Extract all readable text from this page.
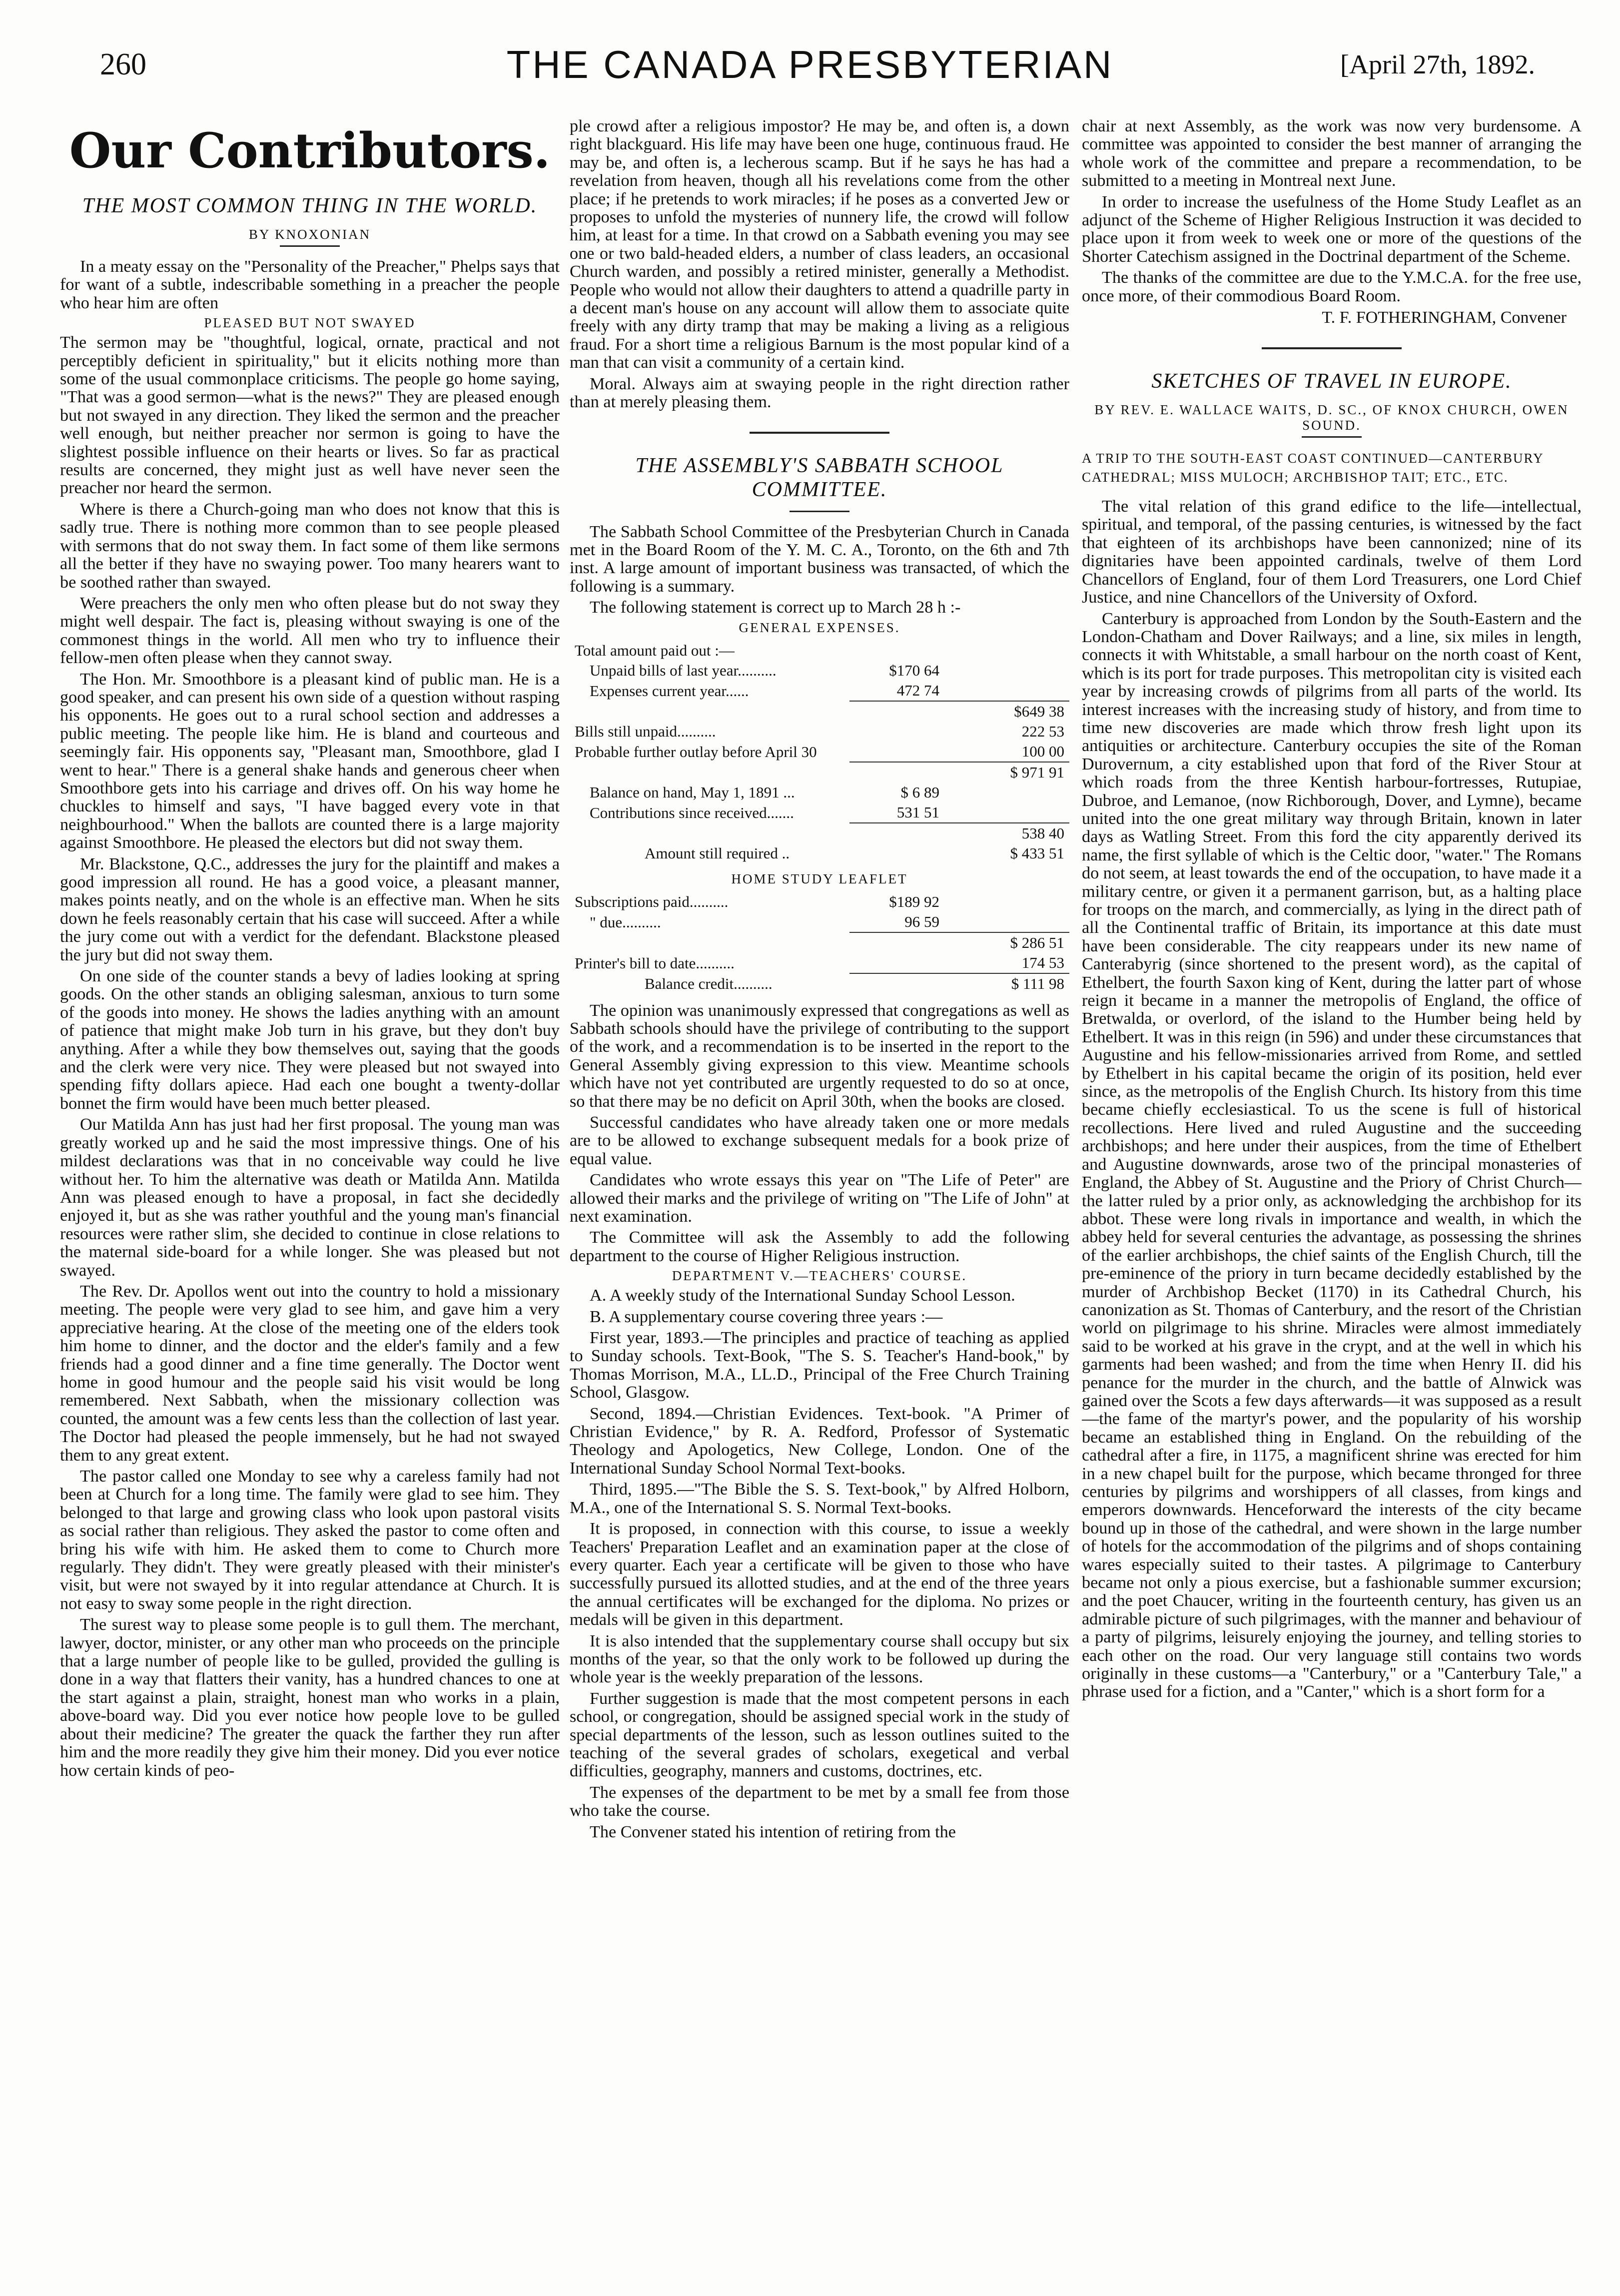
260	THE CANADA PRESBYTERIAN	[April 27th, 1892.
Our Contributors.
THE MOST COMMON THING IN THE WORLD.
BY KNOXONIAN

In a meaty essay on the "Personality of the Preacher," Phelps says that for want of a subtle, indescribable something in a preacher the people who hear him are often

PLEASED BUT NOT SWAYED

The sermon may be "thoughtful, logical, ornate, practical and not perceptibly deficient in spirituality," but it elicits nothing more than some of the usual commonplace criticisms. The people go home saying, "That was a good sermon—what is the news?" They are pleased enough but not swayed in any direction. They liked the sermon and the preacher well enough, but neither preacher nor sermon is going to have the slightest possible influence on their hearts or lives. So far as practical results are concerned, they might just as well have never seen the preacher nor heard the sermon.

Where is there a Church-going man who does not know that this is sadly true. There is nothing more common than to see people pleased with sermons that do not sway them. In fact some of them like sermons all the better if they have no swaying power. Too many hearers want to be soothed rather than swayed.

Were preachers the only men who often please but do not sway they might well despair. The fact is, pleasing without swaying is one of the commonest things in the world. All men who try to influence their fellow-men often please when they cannot sway.

The Hon. Mr. Smoothbore is a pleasant kind of public man. He is a good speaker, and can present his own side of a question without rasping his opponents. He goes out to a rural school section and addresses a public meeting. The people like him. He is bland and courteous and seemingly fair. His opponents say, "Pleasant man, Smoothbore, glad I went to hear." There is a general shake hands and generous cheer when Smoothbore gets into his carriage and drives off. On his way home he chuckles to himself and says, "I have bagged every vote in that neighbourhood." When the ballots are counted there is a large majority against Smoothbore. He pleased the electors but did not sway them.

Mr. Blackstone, Q.C., addresses the jury for the plaintiff and makes a good impression all round. He has a good voice, a pleasant manner, makes points neatly, and on the whole is an effective man. When he sits down he feels reasonably certain that his case will succeed. After a while the jury come out with a verdict for the defendant. Blackstone pleased the jury but did not sway them.

On one side of the counter stands a bevy of ladies looking at spring goods. On the other stands an obliging salesman, anxious to turn some of the goods into money. He shows the ladies anything with an amount of patience that might make Job turn in his grave, but they don't buy anything. After a while they bow themselves out, saying that the goods and the clerk were very nice. They were pleased but not swayed into spending fifty dollars apiece. Had each one bought a twenty-dollar bonnet the firm would have been much better pleased.

Our Matilda Ann has just had her first proposal. The young man was greatly worked up and he said the most impressive things. One of his mildest declarations was that in no conceivable way could he live without her. To him the alternative was death or Matilda Ann. Matilda Ann was pleased enough to have a proposal, in fact she decidedly enjoyed it, but as she was rather youthful and the young man's financial resources were rather slim, she decided to continue in close relations to the maternal side-board for a while longer. She was pleased but not swayed.

The Rev. Dr. Apollos went out into the country to hold a missionary meeting. The people were very glad to see him, and gave him a very appreciative hearing. At the close of the meeting one of the elders took him home to dinner, and the doctor and the elder's family and a few friends had a good dinner and a fine time generally. The Doctor went home in good humour and the people said his visit would be long remembered. Next Sabbath, when the missionary collection was counted, the amount was a few cents less than the collection of last year. The Doctor had pleased the people immensely, but he had not swayed them to any great extent.

The pastor called one Monday to see why a careless family had not been at Church for a long time. The family were glad to see him. They belonged to that large and growing class who look upon pastoral visits as social rather than religious. They asked the pastor to come often and bring his wife with him. He asked them to come to Church more regularly. They didn't. They were greatly pleased with their minister's visit, but were not swayed by it into regular attendance at Church. It is not easy to sway some people in the right direction.

The surest way to please some people is to gull them. The merchant, lawyer, doctor, minister, or any other man who proceeds on the principle that a large number of people like to be gulled, provided the gulling is done in a way that flatters their vanity, has a hundred chances to one at the start against a plain, straight, honest man who works in a plain, above-board way. Did you ever notice how people love to be gulled about their medicine? The greater the quack the farther they run after him and the more readily they give him their money. Did you ever notice how certain kinds of peo-

ple crowd after a religious impostor? He may be, and often is, a down right blackguard. His life may have been one huge, continuous fraud. He may be, and often is, a lecherous scamp. But if he says he has had a revelation from heaven, though all his revelations come from the other place; if he pretends to work miracles; if he poses as a converted Jew or proposes to unfold the mysteries of nunnery life, the crowd will follow him, at least for a time. In that crowd on a Sabbath evening you may see one or two bald-headed elders, a number of class leaders, an occasional Church warden, and possibly a retired minister, generally a Methodist. People who would not allow their daughters to attend a quadrille party in a decent man's house on any account will allow them to associate quite freely with any dirty tramp that may be making a living as a religious fraud. For a short time a religious Barnum is the most popular kind of a man that can visit a community of a certain kind.

Moral. Always aim at swaying people in the right direction rather than at merely pleasing them.

THE ASSEMBLY'S SABBATH SCHOOL COMMITTEE.

The Sabbath School Committee of the Presbyterian Church in Canada met in the Board Room of the Y. M. C. A., Toronto, on the 6th and 7th inst. A large amount of important business was transacted, of which the following is a summary.

The following statement is correct up to March 28 h :-

GENERAL EXPENSES.
Total amount paid out :—		
Unpaid bills of last year..........	$170 64	
Expenses current year......	472 74	
		$649 38
Bills still unpaid..........		222 53
Probable further outlay before April 30		100 00
		$ 971 91
Balance on hand, May 1, 1891 ...	$ 6 89	
Contributions since received.......	531 51	
		538 40
Amount still required ..		$ 433 51
HOME STUDY LEAFLET
Subscriptions paid..........	$189 92	
" due..........	96 59	
		$ 286 51
Printer's bill to date..........		174 53
Balance credit..........		$ 111 98

The opinion was unanimously expressed that congregations as well as Sabbath schools should have the privilege of contributing to the support of the work, and a recommendation is to be inserted in the report to the General Assembly giving expression to this view. Meantime schools which have not yet contributed are urgently requested to do so at once, so that there may be no deficit on April 30th, when the books are closed.

Successful candidates who have already taken one or more medals are to be allowed to exchange subsequent medals for a book prize of equal value.

Candidates who wrote essays this year on "The Life of Peter" are allowed their marks and the privilege of writing on "The Life of John" at next examination.

The Committee will ask the Assembly to add the following department to the course of Higher Religious instruction.

DEPARTMENT V.—TEACHERS' COURSE.

A. A weekly study of the International Sunday School Lesson.

B. A supplementary course covering three years :—

First year, 1893.—The principles and practice of teaching as applied to Sunday schools. Text-Book, "The S. S. Teacher's Hand-book," by Thomas Morrison, M.A., LL.D., Principal of the Free Church Training School, Glasgow.

Second, 1894.—Christian Evidences. Text-book. "A Primer of Christian Evidence," by R. A. Redford, Professor of Systematic Theology and Apologetics, New College, London. One of the International Sunday School Normal Text-books.

Third, 1895.—"The Bible the S. S. Text-book," by Alfred Holborn, M.A., one of the International S. S. Normal Text-books.

It is proposed, in connection with this course, to issue a weekly Teachers' Preparation Leaflet and an examination paper at the close of every quarter. Each year a certificate will be given to those who have successfully pursued its allotted studies, and at the end of the three years the annual certificates will be exchanged for the diploma. No prizes or medals will be given in this department.

It is also intended that the supplementary course shall occupy but six months of the year, so that the only work to be followed up during the whole year is the weekly preparation of the lessons.

Further suggestion is made that the most competent persons in each school, or congregation, should be assigned special work in the study of special departments of the lesson, such as lesson outlines suited to the teaching of the several grades of scholars, exegetical and verbal difficulties, geography, manners and customs, doctrines, etc.

The expenses of the department to be met by a small fee from those who take the course.

The Convener stated his intention of retiring from the

chair at next Assembly, as the work was now very burdensome. A committee was appointed to consider the best manner of arranging the whole work of the committee and prepare a recommendation, to be submitted to a meeting in Montreal next June.

In order to increase the usefulness of the Home Study Leaflet as an adjunct of the Scheme of Higher Religious Instruction it was decided to place upon it from week to week one or more of the questions of the Shorter Catechism assigned in the Doctrinal department of the Scheme.

The thanks of the committee are due to the Y.M.C.A. for the free use, once more, of their commodious Board Room.

T. F. FOTHERINGHAM, Convener
SKETCHES OF TRAVEL IN EUROPE.
BY REV. E. WALLACE WAITS, D. SC., OF KNOX CHURCH, OWEN SOUND.
A TRIP TO THE SOUTH-EAST COAST CONTINUED—CANTERBURY CATHEDRAL; MISS MULOCH; ARCHBISHOP TAIT; ETC., ETC.

The vital relation of this grand edifice to the life—intellectual, spiritual, and temporal, of the passing centuries, is witnessed by the fact that eighteen of its archbishops have been cannonized; nine of its dignitaries have been appointed cardinals, twelve of them Lord Chancellors of England, four of them Lord Treasurers, one Lord Chief Justice, and nine Chancellors of the University of Oxford.

Canterbury is approached from London by the South-Eastern and the London-Chatham and Dover Railways; and a line, six miles in length, connects it with Whitstable, a small harbour on the north coast of Kent, which is its port for trade purposes. This metropolitan city is visited each year by increasing crowds of pilgrims from all parts of the world. Its interest increases with the increasing study of history, and from time to time new discoveries are made which throw fresh light upon its antiquities or architecture. Canterbury occupies the site of the Roman Durovernum, a city established upon that ford of the River Stour at which roads from the three Kentish harbour-fortresses, Rutupiae, Dubroe, and Lemanoe, (now Richborough, Dover, and Lymne), became united into the one great military way through Britain, known in later days as Watling Street. From this ford the city apparently derived its name, the first syllable of which is the Celtic door, "water." The Romans do not seem, at least towards the end of the occupation, to have made it a military centre, or given it a permanent garrison, but, as a halting place for troops on the march, and commercially, as lying in the direct path of all the Continental traffic of Britain, its importance at this date must have been considerable. The city reappears under its new name of Canterabyrig (since shortened to the present word), as the capital of Ethelbert, the fourth Saxon king of Kent, during the latter part of whose reign it became in a manner the metropolis of England, the office of Bretwalda, or overlord, of the island to the Humber being held by Ethelbert. It was in this reign (in 596) and under these circumstances that Augustine and his fellow-missionaries arrived from Rome, and settled by Ethelbert in his capital became the origin of its position, held ever since, as the metropolis of the English Church. Its history from this time became chiefly ecclesiastical. To us the scene is full of historical recollections. Here lived and ruled Augustine and the succeeding archbishops; and here under their auspices, from the time of Ethelbert and Augustine downwards, arose two of the principal monasteries of England, the Abbey of St. Augustine and the Priory of Christ Church—the latter ruled by a prior only, as acknowledging the archbishop for its abbot. These were long rivals in importance and wealth, in which the abbey held for several centuries the advantage, as possessing the shrines of the earlier archbishops, the chief saints of the English Church, till the pre-eminence of the priory in turn became decidedly established by the murder of Archbishop Becket (1170) in its Cathedral Church, his canonization as St. Thomas of Canterbury, and the resort of the Christian world on pilgrimage to his shrine. Miracles were almost immediately said to be worked at his grave in the crypt, and at the well in which his garments had been washed; and from the time when Henry II. did his penance for the murder in the church, and the battle of Alnwick was gained over the Scots a few days afterwards—it was supposed as a result—the fame of the martyr's power, and the popularity of his worship became an established thing in England. On the rebuilding of the cathedral after a fire, in 1175, a magnificent shrine was erected for him in a new chapel built for the purpose, which became thronged for three centuries by pilgrims and worshippers of all classes, from kings and emperors downwards. Henceforward the interests of the city became bound up in those of the cathedral, and were shown in the large number of hotels for the accommodation of the pilgrims and of shops containing wares especially suited to their tastes. A pilgrimage to Canterbury became not only a pious exercise, but a fashionable summer excursion; and the poet Chaucer, writing in the fourteenth century, has given us an admirable picture of such pilgrimages, with the manner and behaviour of a party of pilgrims, leisurely enjoying the journey, and telling stories to each other on the road. Our very language still contains two words originally in these customs—a "Canterbury," or a "Canterbury Tale," a phrase used for a fiction, and a "Canter," which is a short form for a
